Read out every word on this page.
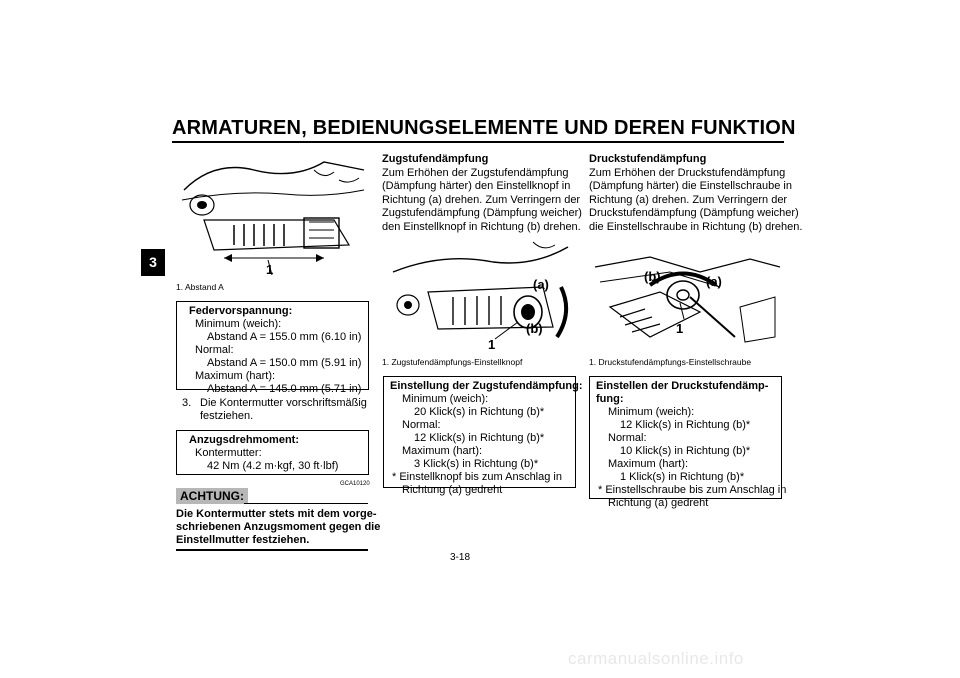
ARMATUREN, BEDIENUNGSELEMENTE UND DEREN FUNKTION
3	1
1. Abstand A
Federvorspannung:
Minimum (weich):
Abstand A = 155.0 mm (6.10 in)
Normal:
Abstand A = 150.0 mm (5.91 in)
Maximum (hart):
Abstand A = 145.0 mm (5.71 in)
3. Die Kontermutter vorschriftsmäßig
festziehen.
Anzugsdrehmoment:
Kontermutter:
42 Nm (4.2 m·kgf, 30 ft·lbf)
GCA10120
ACHTUNG:
Die Kontermutter stets mit dem vorge-
schriebenen Anzugsmoment gegen die
Einstellmutter festziehen.
Zugstufendämpfung
Zum Erhöhen der Zugstufendämpfung
(Dämpfung härter) den Einstellknopf in
Richtung (a) drehen. Zum Verringern der
Zugstufendämpfung (Dämpfung weicher)
den Einstellknopf in Richtung (b) drehen.
(a)
(b)
1
1. Zugstufendämpfungs-Einstellknopf
Einstellung der Zugstufendämpfung:
Minimum (weich):
20 Klick(s) in Richtung (b)*
Normal:
12 Klick(s) in Richtung (b)*
Maximum (hart):
3 Klick(s) in Richtung (b)*
* Einstellknopf bis zum Anschlag in
Richtung (a) gedreht
Druckstufendämpfung
Zum Erhöhen der Druckstufendämpfung
(Dämpfung härter) die Einstellschraube in
Richtung (a) drehen. Zum Verringern der
Druckstufendämpfung (Dämpfung weicher)
die Einstellschraube in Richtung (b) drehen.
(b)	(a)
1
1. Druckstufendämpfungs-Einstellschraube
Einstellen der Druckstufendämp-
fung:
Minimum (weich):
12 Klick(s) in Richtung (b)*
Normal:
10 Klick(s) in Richtung (b)*
Maximum (hart):
1 Klick(s) in Richtung (b)*
* Einstellschraube bis zum Anschlag in
Richtung (a) gedreht
3-18
carmanualsonline.info
